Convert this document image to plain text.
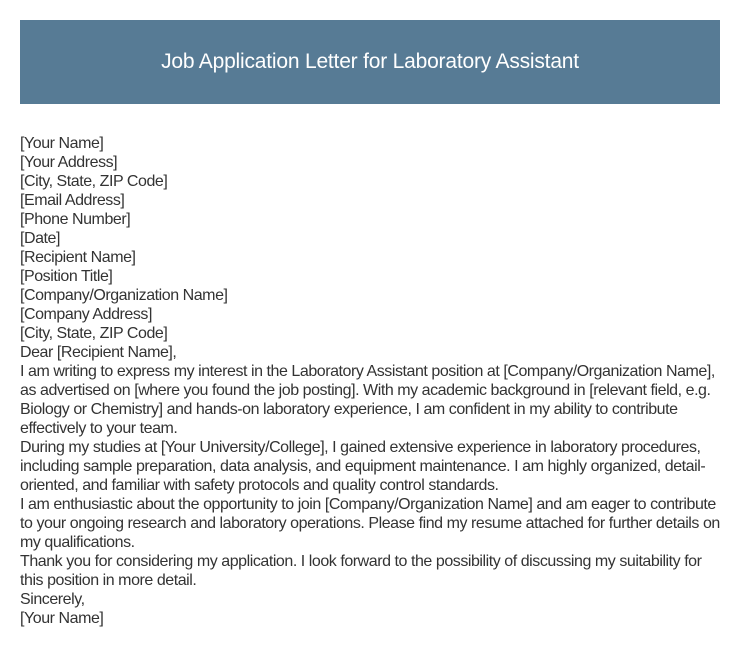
Job Application Letter for Laboratory Assistant
[Your Name]
[Your Address]
[City, State, ZIP Code]
[Email Address]
[Phone Number]
[Date]
[Recipient Name]
[Position Title]
[Company/Organization Name]
[Company Address]
[City, State, ZIP Code]
Dear [Recipient Name],
I am writing to express my interest in the Laboratory Assistant position at [Company/Organization Name], as advertised on [where you found the job posting]. With my academic background in [relevant field, e.g. Biology or Chemistry] and hands-on laboratory experience, I am confident in my ability to contribute effectively to your team.
During my studies at [Your University/College], I gained extensive experience in laboratory procedures, including sample preparation, data analysis, and equipment maintenance. I am highly organized, detail-oriented, and familiar with safety protocols and quality control standards.
I am enthusiastic about the opportunity to join [Company/Organization Name] and am eager to contribute to your ongoing research and laboratory operations. Please find my resume attached for further details on my qualifications.
Thank you for considering my application. I look forward to the possibility of discussing my suitability for this position in more detail.
Sincerely,
[Your Name]
